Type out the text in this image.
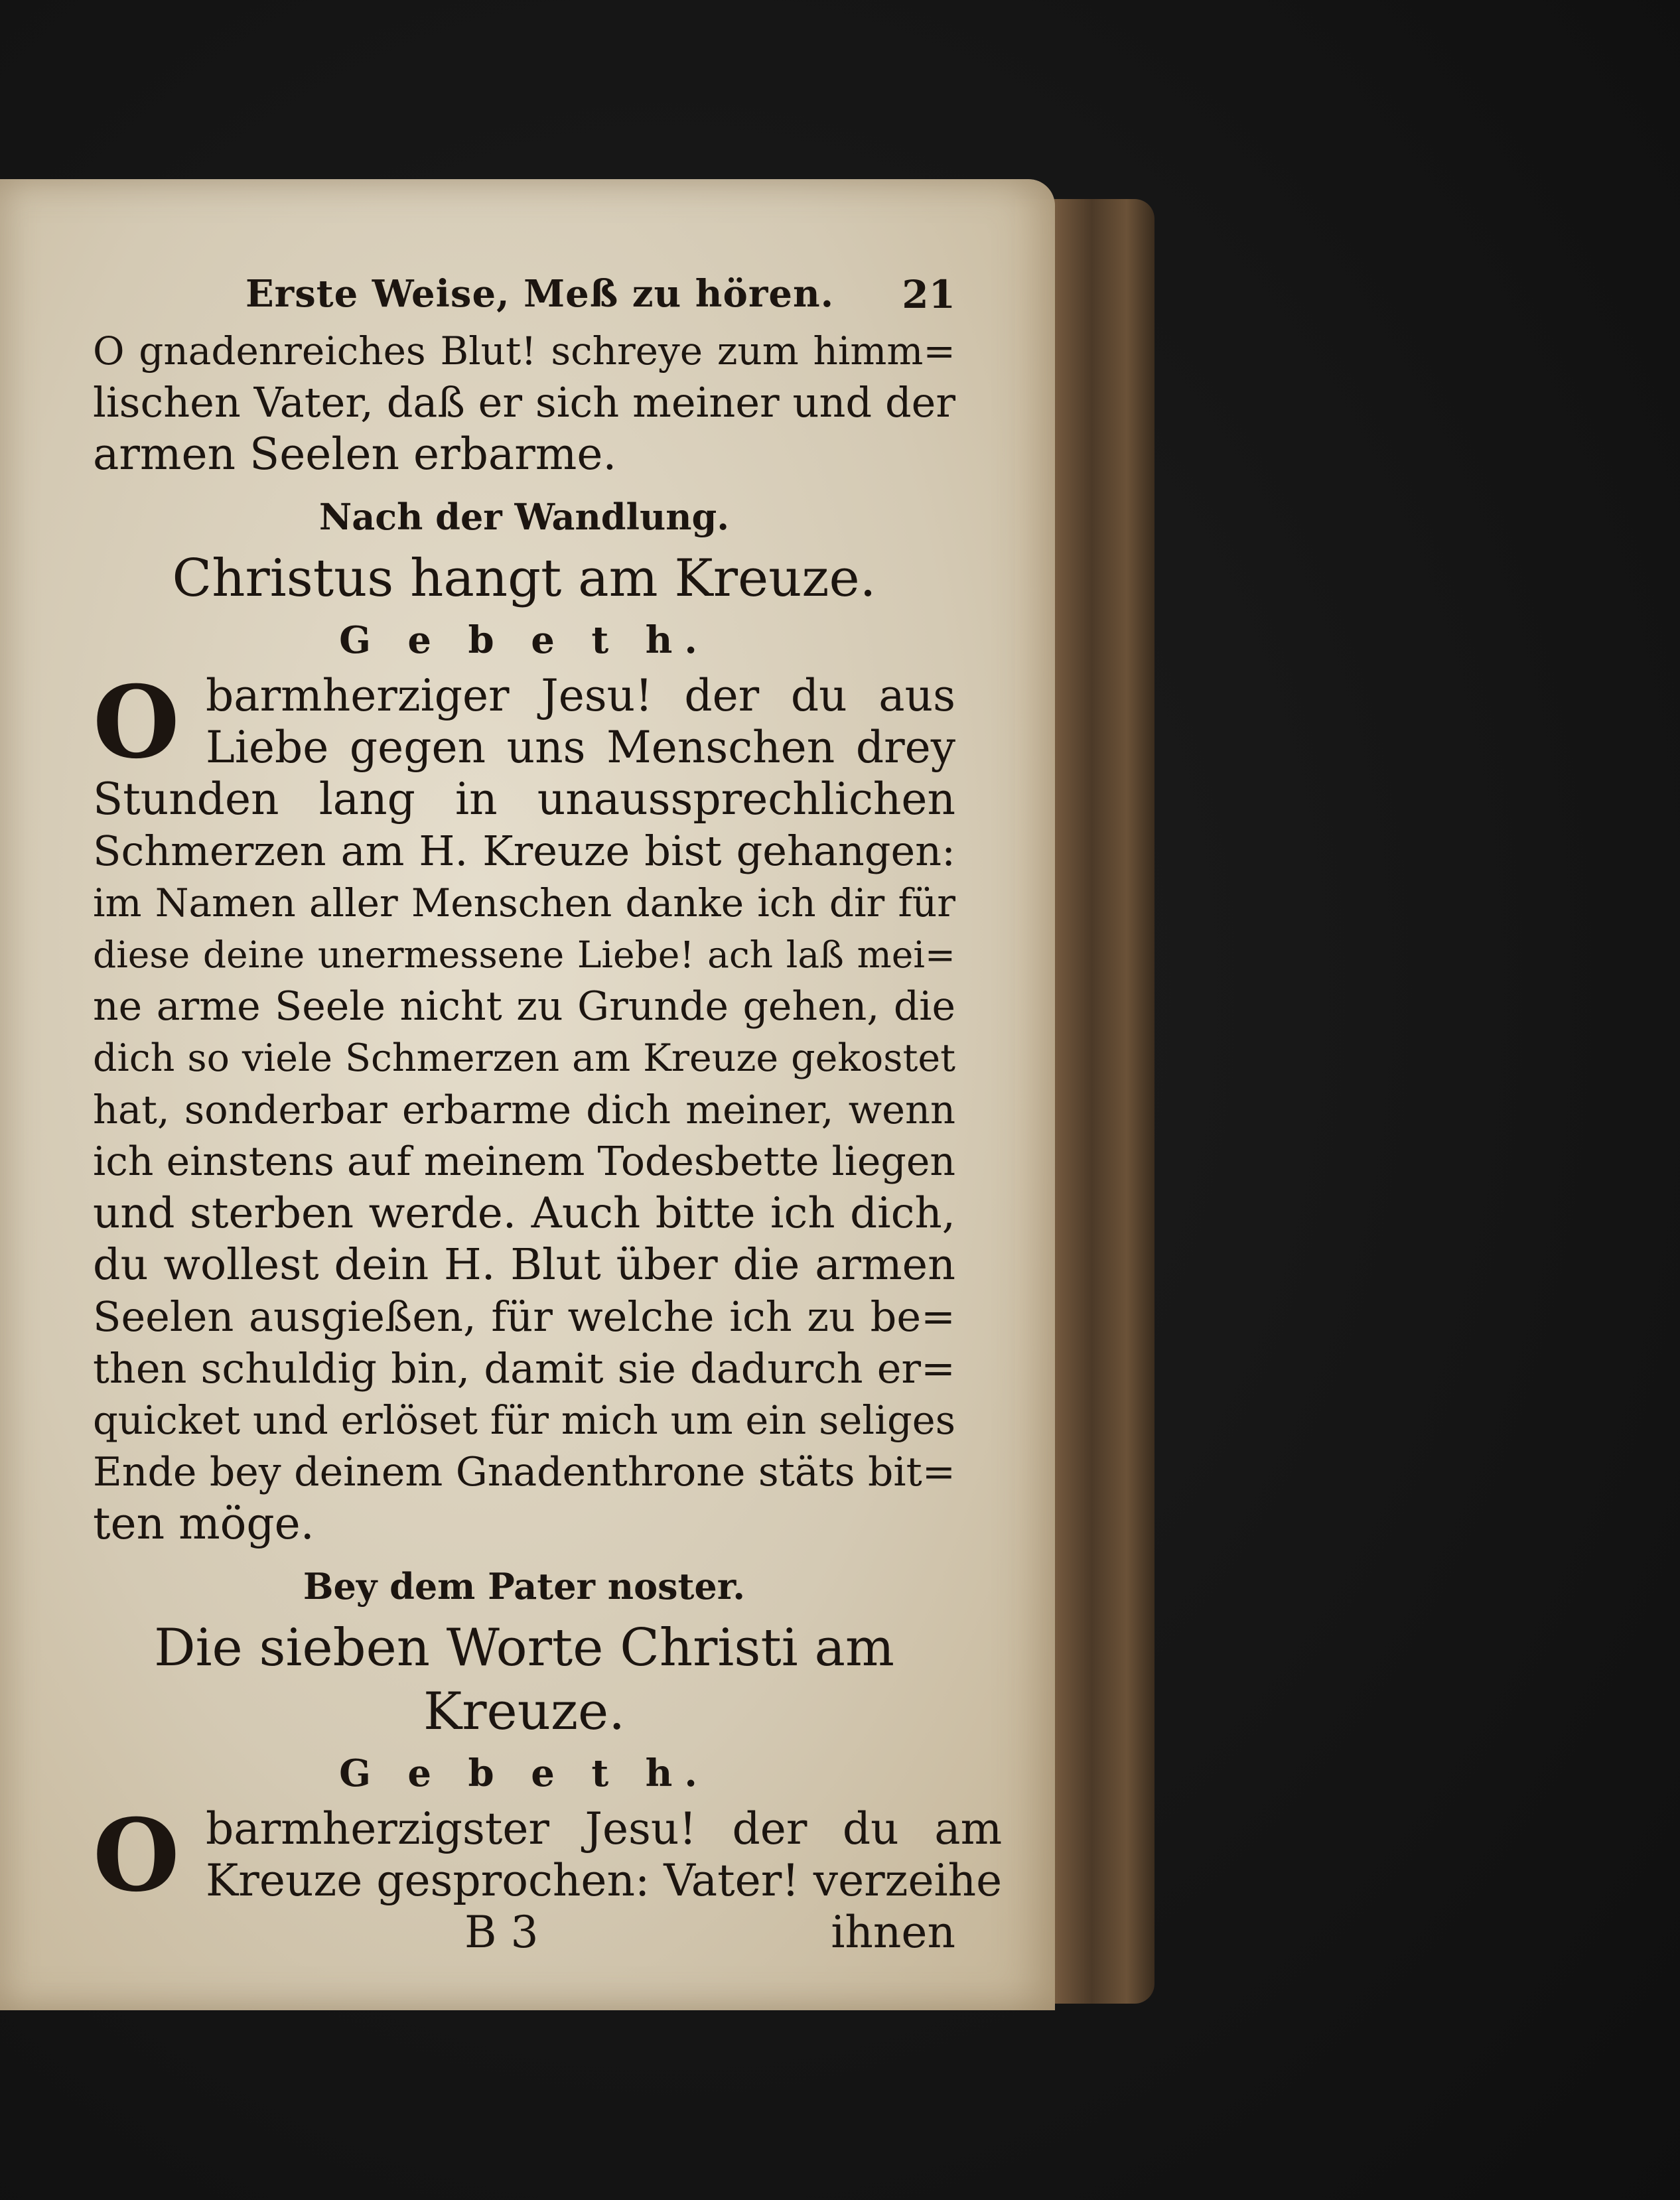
Erste Weise, Meß zu hören. 21
O gnadenreiches Blut! schreye zum himm=
lischen Vater, daß er sich meiner und der
armen Seelen erbarme.
Nach der Wandlung.
Christus hangt am Kreuze.
G e b e t h.
O barmherziger Jesu! der du aus
Liebe gegen uns Menschen drey
Stunden lang in unaussprechlichen
Schmerzen am H. Kreuze bist gehangen:
im Namen aller Menschen danke ich dir für
diese deine unermessene Liebe! ach laß mei=
ne arme Seele nicht zu Grunde gehen, die
dich so viele Schmerzen am Kreuze gekostet
hat, sonderbar erbarme dich meiner, wenn
ich einstens auf meinem Todesbette liegen
und sterben werde. Auch bitte ich dich,
du wollest dein H. Blut über die armen
Seelen ausgießen, für welche ich zu be=
then schuldig bin, damit sie dadurch er=
quicket und erlöset für mich um ein seliges
Ende bey deinem Gnadenthrone stäts bit=
ten möge.
Bey dem Pater noster.
Die sieben Worte Christi am Kreuze.
G e b e t h.
O barmherzigster Jesu! der du am
Kreuze gesprochen: Vater! verzeihe
B 3	ihnen
